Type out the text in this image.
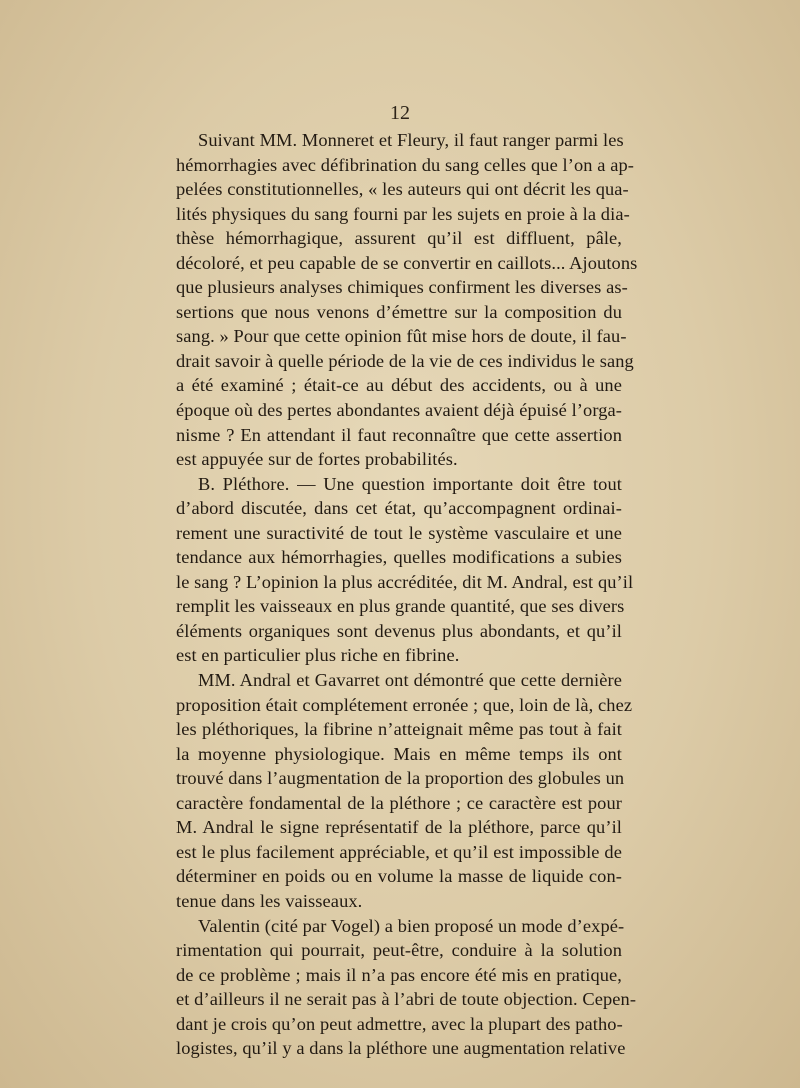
12
Suivant MM. Monneret et Fleury, il faut ranger parmi les
hémorrhagies avec défibrination du sang celles que l’on a ap-
pelées constitutionnelles, « les auteurs qui ont décrit les qua-
lités physiques du sang fourni par les sujets en proie à la dia-
thèse hémorrhagique, assurent qu’il est diffluent, pâle,
décoloré, et peu capable de se convertir en caillots... Ajoutons
que plusieurs analyses chimiques confirment les diverses as-
sertions que nous venons d’émettre sur la composition du
sang. » Pour que cette opinion fût mise hors de doute, il fau-
drait savoir à quelle période de la vie de ces individus le sang
a été examiné ; était-ce au début des accidents, ou à une
époque où des pertes abondantes avaient déjà épuisé l’orga-
nisme ? En attendant il faut reconnaître que cette assertion
est appuyée sur de fortes probabilités.
B. Pléthore. — Une question importante doit être tout
d’abord discutée, dans cet état, qu’accompagnent ordinai-
rement une suractivité de tout le système vasculaire et une
tendance aux hémorrhagies, quelles modifications a subies
le sang ? L’opinion la plus accréditée, dit M. Andral, est qu’il
remplit les vaisseaux en plus grande quantité, que ses divers
éléments organiques sont devenus plus abondants, et qu’il
est en particulier plus riche en fibrine.
MM. Andral et Gavarret ont démontré que cette dernière
proposition était complétement erronée ; que, loin de là, chez
les pléthoriques, la fibrine n’atteignait même pas tout à fait
la moyenne physiologique. Mais en même temps ils ont
trouvé dans l’augmentation de la proportion des globules un
caractère fondamental de la pléthore ; ce caractère est pour
M. Andral le signe représentatif de la pléthore, parce qu’il
est le plus facilement appréciable, et qu’il est impossible de
déterminer en poids ou en volume la masse de liquide con-
tenue dans les vaisseaux.
Valentin (cité par Vogel) a bien proposé un mode d’expé-
rimentation qui pourrait, peut-être, conduire à la solution
de ce problème ; mais il n’a pas encore été mis en pratique,
et d’ailleurs il ne serait pas à l’abri de toute objection. Cepen-
dant je crois qu’on peut admettre, avec la plupart des patho-
logistes, qu’il y a dans la pléthore une augmentation relative
